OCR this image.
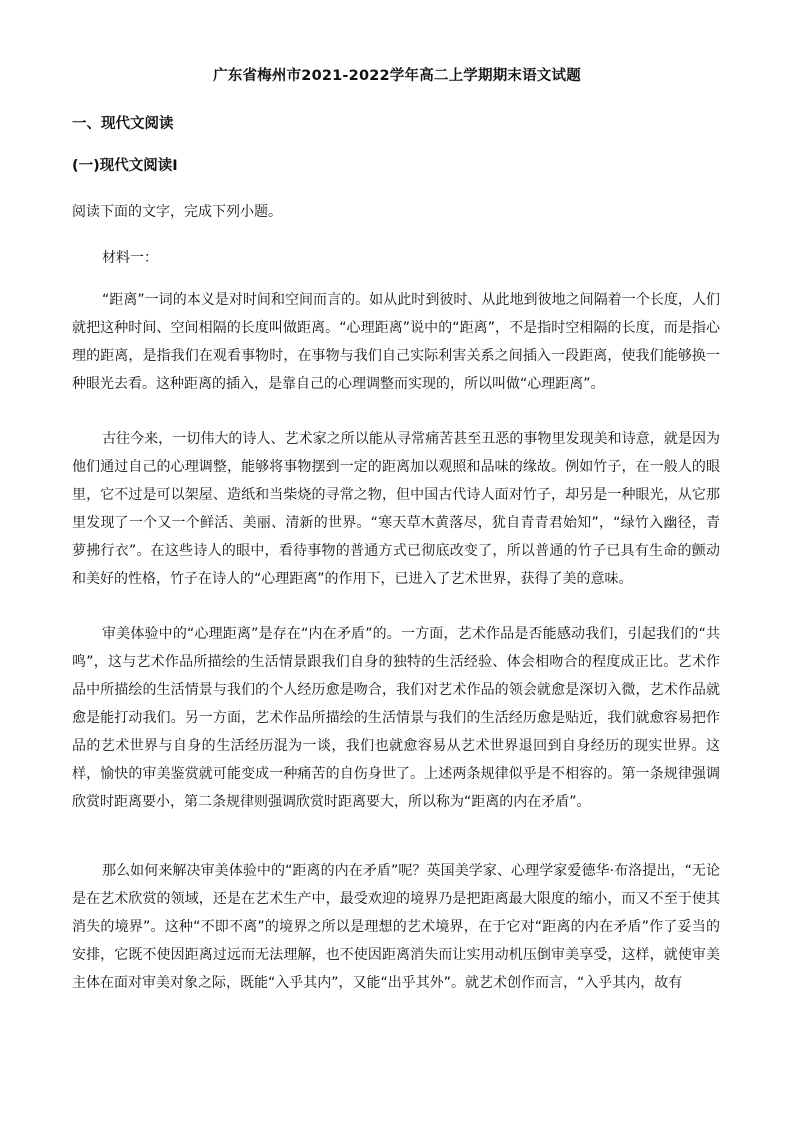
广东省梅州市2021-2022学年高二上学期期末语文试题
一、现代文阅读
(一)现代文阅读Ⅰ
阅读下面的文字，完成下列小题。
材料一：
“距离”一词的本义是对时间和空间而言的。如从此时到彼时、从此地到彼地之间隔着一个长度，人们就把这种时间、空间相隔的长度叫做距离。“心理距离”说中的“距离”，不是指时空相隔的长度，而是指心理的距离，是指我们在观看事物时，在事物与我们自己实际利害关系之间插入一段距离，使我们能够换一种眼光去看。这种距离的插入，是靠自己的心理调整而实现的，所以叫做“心理距离”。
古往今来，一切伟大的诗人、艺术家之所以能从寻常痛苦甚至丑恶的事物里发现美和诗意，就是因为他们通过自己的心理调整，能够将事物摆到一定的距离加以观照和品味的缘故。例如竹子，在一般人的眼里，它不过是可以架屋、造纸和当柴烧的寻常之物，但中国古代诗人面对竹子，却另是一种眼光，从它那里发现了一个又一个鲜活、美丽、清新的世界。“寒天草木黄落尽，犹自青青君始知”，“绿竹入幽径，青萝拂行衣”。在这些诗人的眼中，看待事物的普通方式已彻底改变了，所以普通的竹子已具有生命的颤动和美好的性格，竹子在诗人的“心理距离”的作用下，已进入了艺术世界，获得了美的意味。
审美体验中的“心理距离”是存在“内在矛盾”的。一方面，艺术作品是否能感动我们，引起我们的“共鸣”，这与艺术作品所描绘的生活情景跟我们自身的独特的生活经验、体会相吻合的程度成正比。艺术作品中所描绘的生活情景与我们的个人经历愈是吻合，我们对艺术作品的领会就愈是深切入微，艺术作品就愈是能打动我们。另一方面，艺术作品所描绘的生活情景与我们的生活经历愈是贴近，我们就愈容易把作品的艺术世界与自身的生活经历混为一谈，我们也就愈容易从艺术世界退回到自身经历的现实世界。这样，愉快的审美鉴赏就可能变成一种痛苦的自伤身世了。上述两条规律似乎是不相容的。第一条规律强调欣赏时距离要小，第二条规律则强调欣赏时距离要大，所以称为“距离的内在矛盾”。
那么如何来解决审美体验中的“距离的内在矛盾”呢？英国美学家、心理学家爱德华·布洛提出，“无论是在艺术欣赏的领域，还是在艺术生产中，最受欢迎的境界乃是把距离最大限度的缩小，而又不至于使其消失的境界”。这种“不即不离”的境界之所以是理想的艺术境界，在于它对“距离的内在矛盾”作了妥当的安排，它既不使因距离过远而无法理解，也不使因距离消失而让实用动机压倒审美享受，这样，就使审美主体在面对审美对象之际，既能“入乎其内”，又能“出乎其外”。就艺术创作而言，“入乎其内，故有
